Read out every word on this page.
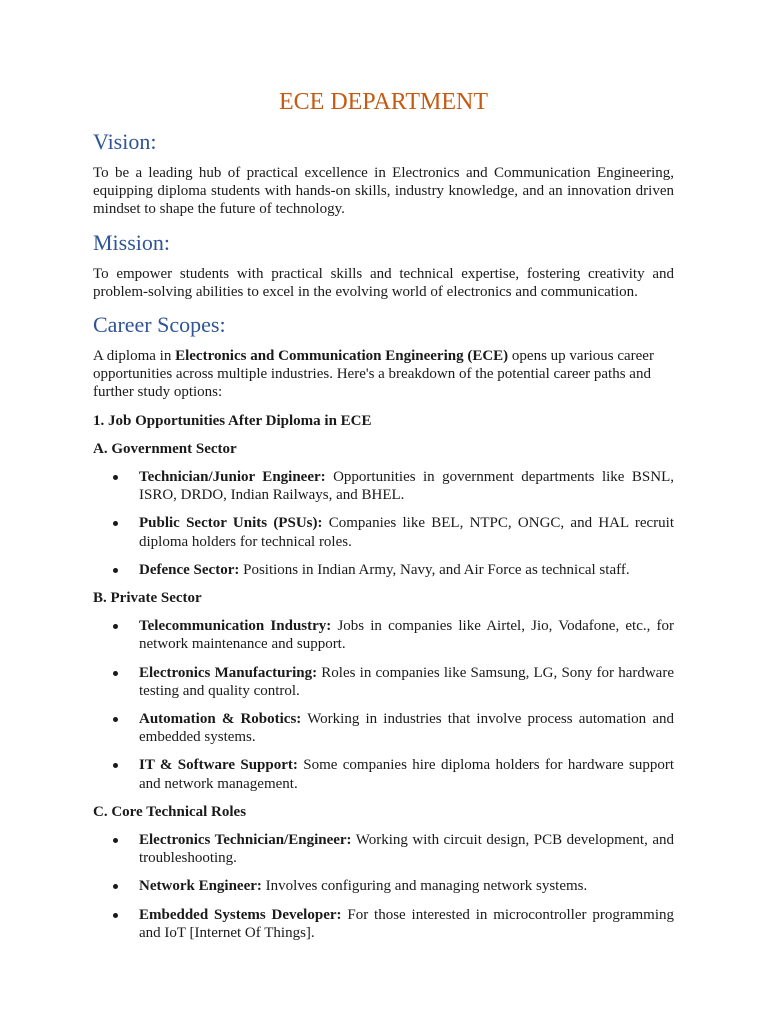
ECE DEPARTMENT
Vision:

To be a leading hub of practical excellence in Electronics and Communication Engineering, equipping diploma students with hands-on skills, industry knowledge, and an innovation driven mindset to shape the future of technology.

Mission:

To empower students with practical skills and technical expertise, fostering creativity and problem-solving abilities to excel in the evolving world of electronics and communication.

Career Scopes:

A diploma in Electronics and Communication Engineering (ECE) opens up various career opportunities across multiple industries. Here's a breakdown of the potential career paths and further study options:

1. Job Opportunities After Diploma in ECE
A. Government Sector
Technician/Junior Engineer: Opportunities in government departments like BSNL, ISRO, DRDO, Indian Railways, and BHEL.
Public Sector Units (PSUs): Companies like BEL, NTPC, ONGC, and HAL recruit diploma holders for technical roles.
Defence Sector: Positions in Indian Army, Navy, and Air Force as technical staff.
B. Private Sector
Telecommunication Industry: Jobs in companies like Airtel, Jio, Vodafone, etc., for network maintenance and support.
Electronics Manufacturing: Roles in companies like Samsung, LG, Sony for hardware testing and quality control.
Automation & Robotics: Working in industries that involve process automation and embedded systems.
IT & Software Support: Some companies hire diploma holders for hardware support and network management.
C. Core Technical Roles
Electronics Technician/Engineer: Working with circuit design, PCB development, and troubleshooting.
Network Engineer: Involves configuring and managing network systems.
Embedded Systems Developer: For those interested in microcontroller programming and IoT [Internet Of Things].
